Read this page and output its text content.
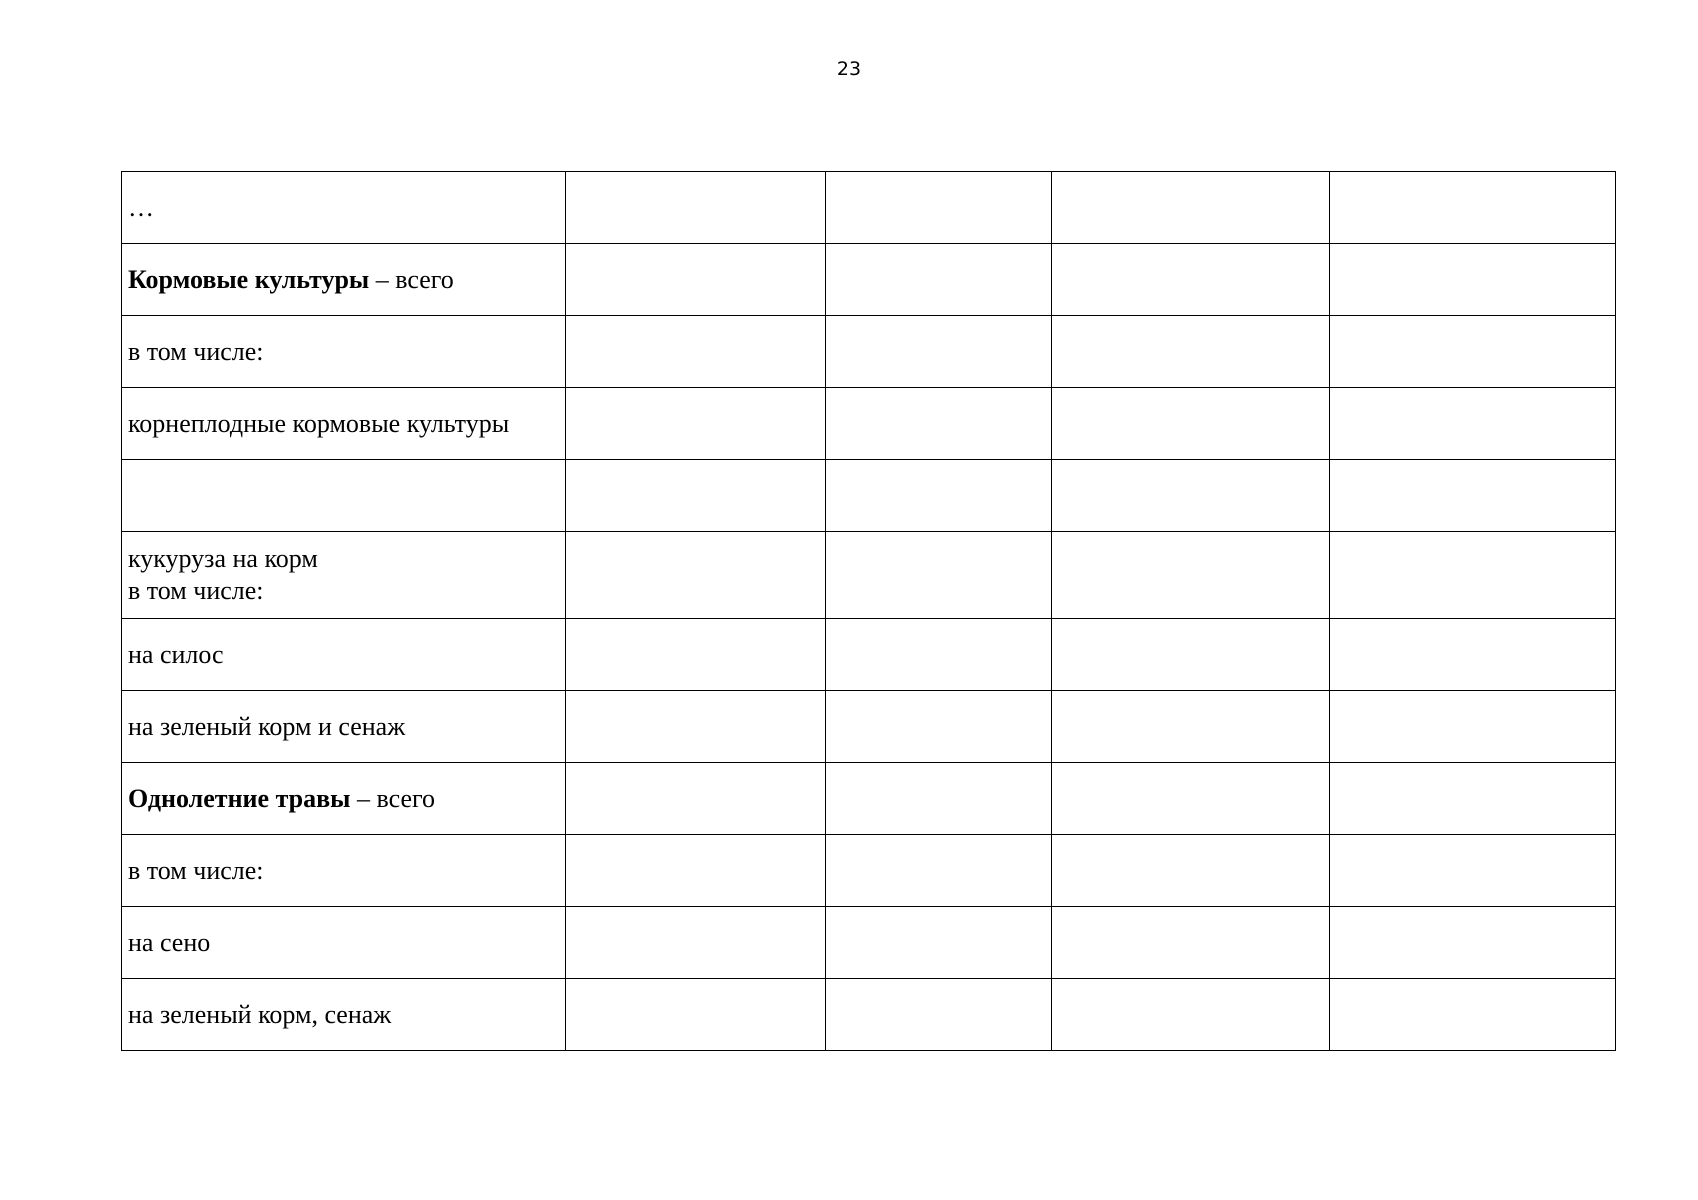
23
…				
Кормовые культуры – всего				
в том числе:				
корнеплодные кормовые культуры				

кукуруза на корм
в том числе:				
на силос				
на зеленый корм и сенаж				
Однолетние травы – всего				
в том числе:				
на сено				
на зеленый корм, сенаж				
